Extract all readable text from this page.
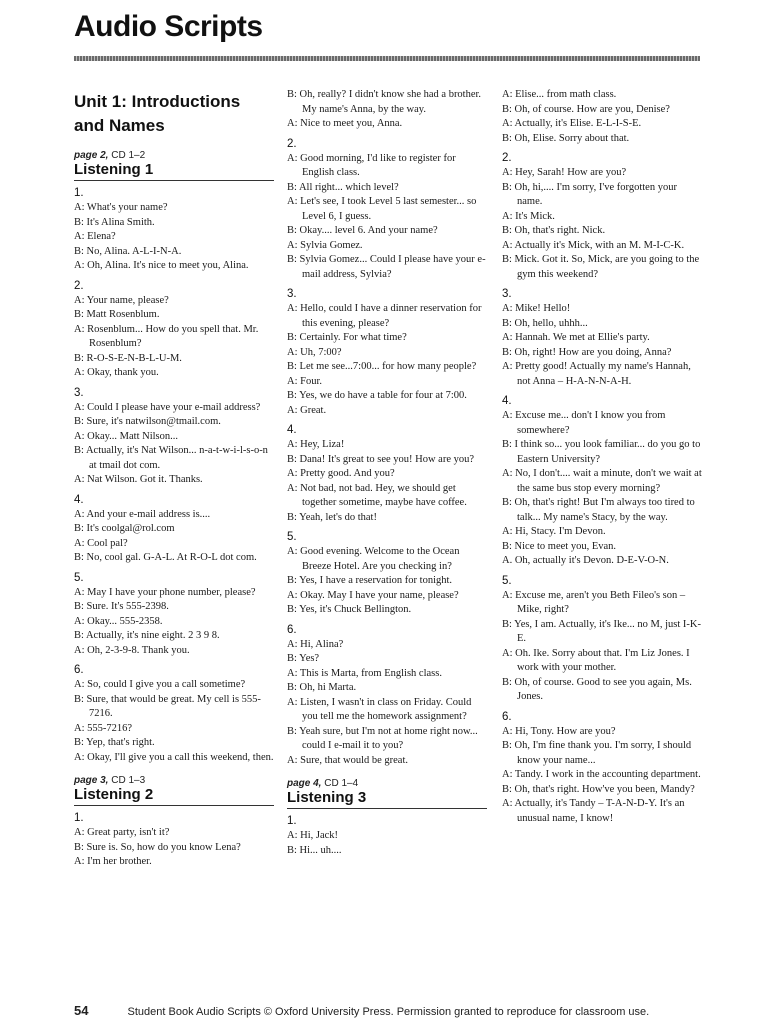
Audio Scripts
Unit 1: Introductions
and Names
page 2, CD 1–2
Listening 1
1.
A: What's your name?
B: It's Alina Smith.
A: Elena?
B: No, Alina. A-L-I-N-A.
A: Oh, Alina. It's nice to meet you, Alina.
2.
A: Your name, please?
B: Matt Rosenblum.
A: Rosenblum... How do you spell that. Mr. Rosenblum?
B: R-O-S-E-N-B-L-U-M.
A: Okay, thank you.
3.
A: Could I please have your e-mail address?
B: Sure, it's natwilson@tmail.com.
A: Okay... Matt Nilson...
B: Actually, it's Nat Wilson... n-a-t-w-i-l-s-o-n at tmail dot com.
A: Nat Wilson. Got it. Thanks.
4.
A: And your e-mail address is....
B: It's coolgal@rol.com
A: Cool pal?
B: No, cool gal. G-A-L. At R-O-L dot com.
5.
A: May I have your phone number, please?
B: Sure. It's 555-2398.
A: Okay... 555-2358.
B: Actually, it's nine eight. 2 3 9 8.
A: Oh, 2-3-9-8. Thank you.
6.
A: So, could I give you a call sometime?
B: Sure, that would be great. My cell is 555-7216.
A: 555-7216?
B: Yep, that's right.
A: Okay, I'll give you a call this weekend, then.
page 3, CD 1–3
Listening 2
1.
A: Great party, isn't it?
B: Sure is. So, how do you know Lena?
A: I'm her brother.
B: Oh, really? I didn't know she had a brother. My name's Anna, by the way.
A: Nice to meet you, Anna.
2.
A: Good morning, I'd like to register for English class.
B: All right... which level?
A: Let's see, I took Level 5 last semester... so Level 6, I guess.
B: Okay.... level 6. And your name?
A: Sylvia Gomez.
B: Sylvia Gomez... Could I please have your e-mail address, Sylvia?
3.
A: Hello, could I have a dinner reservation for this evening, please?
B: Certainly. For what time?
A: Uh, 7:00?
B: Let me see...7:00... for how many people?
A: Four.
B: Yes, we do have a table for four at 7:00.
A: Great.
4.
A: Hey, Liza!
B: Dana! It's great to see you! How are you?
A: Pretty good. And you?
A: Not bad, not bad. Hey, we should get together sometime, maybe have coffee.
B: Yeah, let's do that!
5.
A: Good evening. Welcome to the Ocean Breeze Hotel. Are you checking in?
B: Yes, I have a reservation for tonight.
A: Okay. May I have your name, please?
B: Yes, it's Chuck Bellington.
6.
A: Hi, Alina?
B: Yes?
A: This is Marta, from English class.
B: Oh, hi Marta.
A: Listen, I wasn't in class on Friday. Could you tell me the homework assignment?
B: Yeah sure, but I'm not at home right now... could I e-mail it to you?
A: Sure, that would be great.
page 4, CD 1–4
Listening 3
1.
A: Hi, Jack!
B: Hi... uh....
A: Elise... from math class.
B: Oh, of course. How are you, Denise?
A: Actually, it's Elise. E-L-I-S-E.
B: Oh, Elise. Sorry about that.
2.
A: Hey, Sarah! How are you?
B: Oh, hi,.... I'm sorry, I've forgotten your name.
A: It's Mick.
B: Oh, that's right. Nick.
A: Actually it's Mick, with an M. M-I-C-K.
B: Mick. Got it. So, Mick, are you going to the gym this weekend?
3.
A: Mike! Hello!
B: Oh, hello, uhhh...
A: Hannah. We met at Ellie's party.
B: Oh, right! How are you doing, Anna?
A: Pretty good! Actually my name's Hannah, not Anna – H-A-N-N-A-H.
4.
A: Excuse me... don't I know you from somewhere?
B: I think so... you look familiar... do you go to Eastern University?
A: No, I don't.... wait a minute, don't we wait at the same bus stop every morning?
B: Oh, that's right! But I'm always too tired to talk... My name's Stacy, by the way.
A: Hi, Stacy. I'm Devon.
B: Nice to meet you, Evan.
A. Oh, actually it's Devon. D-E-V-O-N.
5.
A: Excuse me, aren't you Beth Fileo's son – Mike, right?
B: Yes, I am. Actually, it's Ike... no M, just I-K-E.
A: Oh. Ike. Sorry about that. I'm Liz Jones. I work with your mother.
B: Oh, of course. Good to see you again, Ms. Jones.
6.
A: Hi, Tony. How are you?
B: Oh, I'm fine thank you. I'm sorry, I should know your name...
A: Tandy. I work in the accounting department.
B: Oh, that's right. How've you been, Mandy?
A: Actually, it's Tandy – T-A-N-D-Y. It's an unusual name, I know!
54	Student Book Audio Scripts © Oxford University Press. Permission granted to reproduce for classroom use.
